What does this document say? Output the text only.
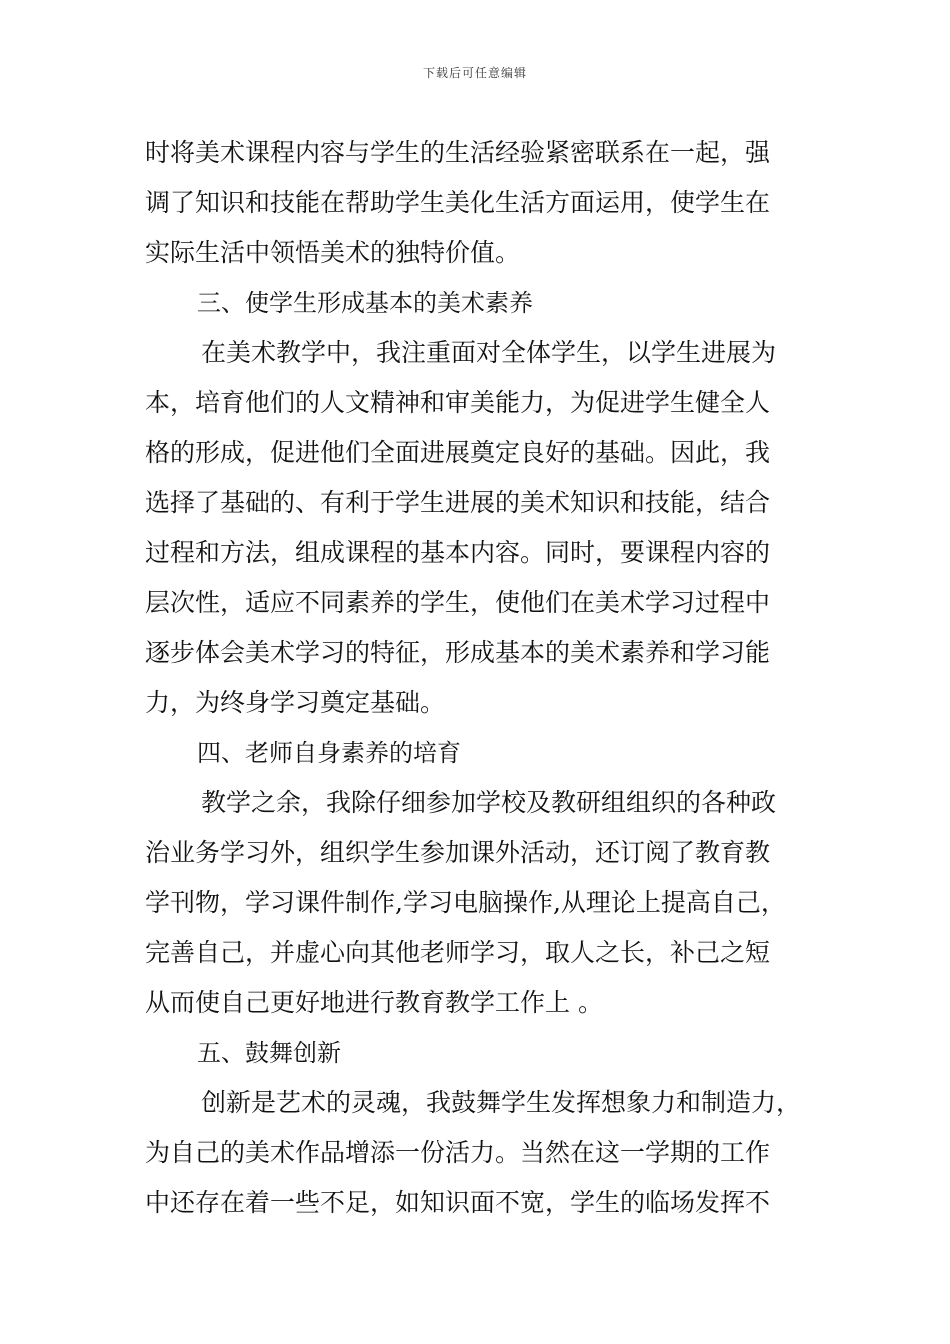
下载后可任意编辑
时将美术课程内容与学生的生活经验紧密联系在一起，强
调了知识和技能在帮助学生美化生活方面运用，使学生在
实际生活中领悟美术的独特价值。
三、使学生形成基本的美术素养
在美术教学中，我注重面对全体学生，以学生进展为
本，培育他们的人文精神和审美能力，为促进学生健全人
格的形成，促进他们全面进展奠定良好的基础。因此，我
选择了基础的、有利于学生进展的美术知识和技能，结合
过程和方法，组成课程的基本内容。同时，要课程内容的
层次性，适应不同素养的学生，使他们在美术学习过程中
逐步体会美术学习的特征，形成基本的美术素养和学习能
力，为终身学习奠定基础。
四、老师自身素养的培育
教学之余，我除仔细参加学校及教研组组织的各种政
治业务学习外，组织学生参加课外活动，还订阅了教育教
学刊物，学习课件制作,学习电脑操作,从理论上提高自己，
完善自己，并虚心向其他老师学习，取人之长，补己之短
从而使自己更好地进行教育教学工作上 。
五、鼓舞创新
创新是艺术的灵魂，我鼓舞学生发挥想象力和制造力，
为自己的美术作品增添一份活力。当然在这一学期的工作
中还存在着一些不足，如知识面不宽，学生的临场发挥不
